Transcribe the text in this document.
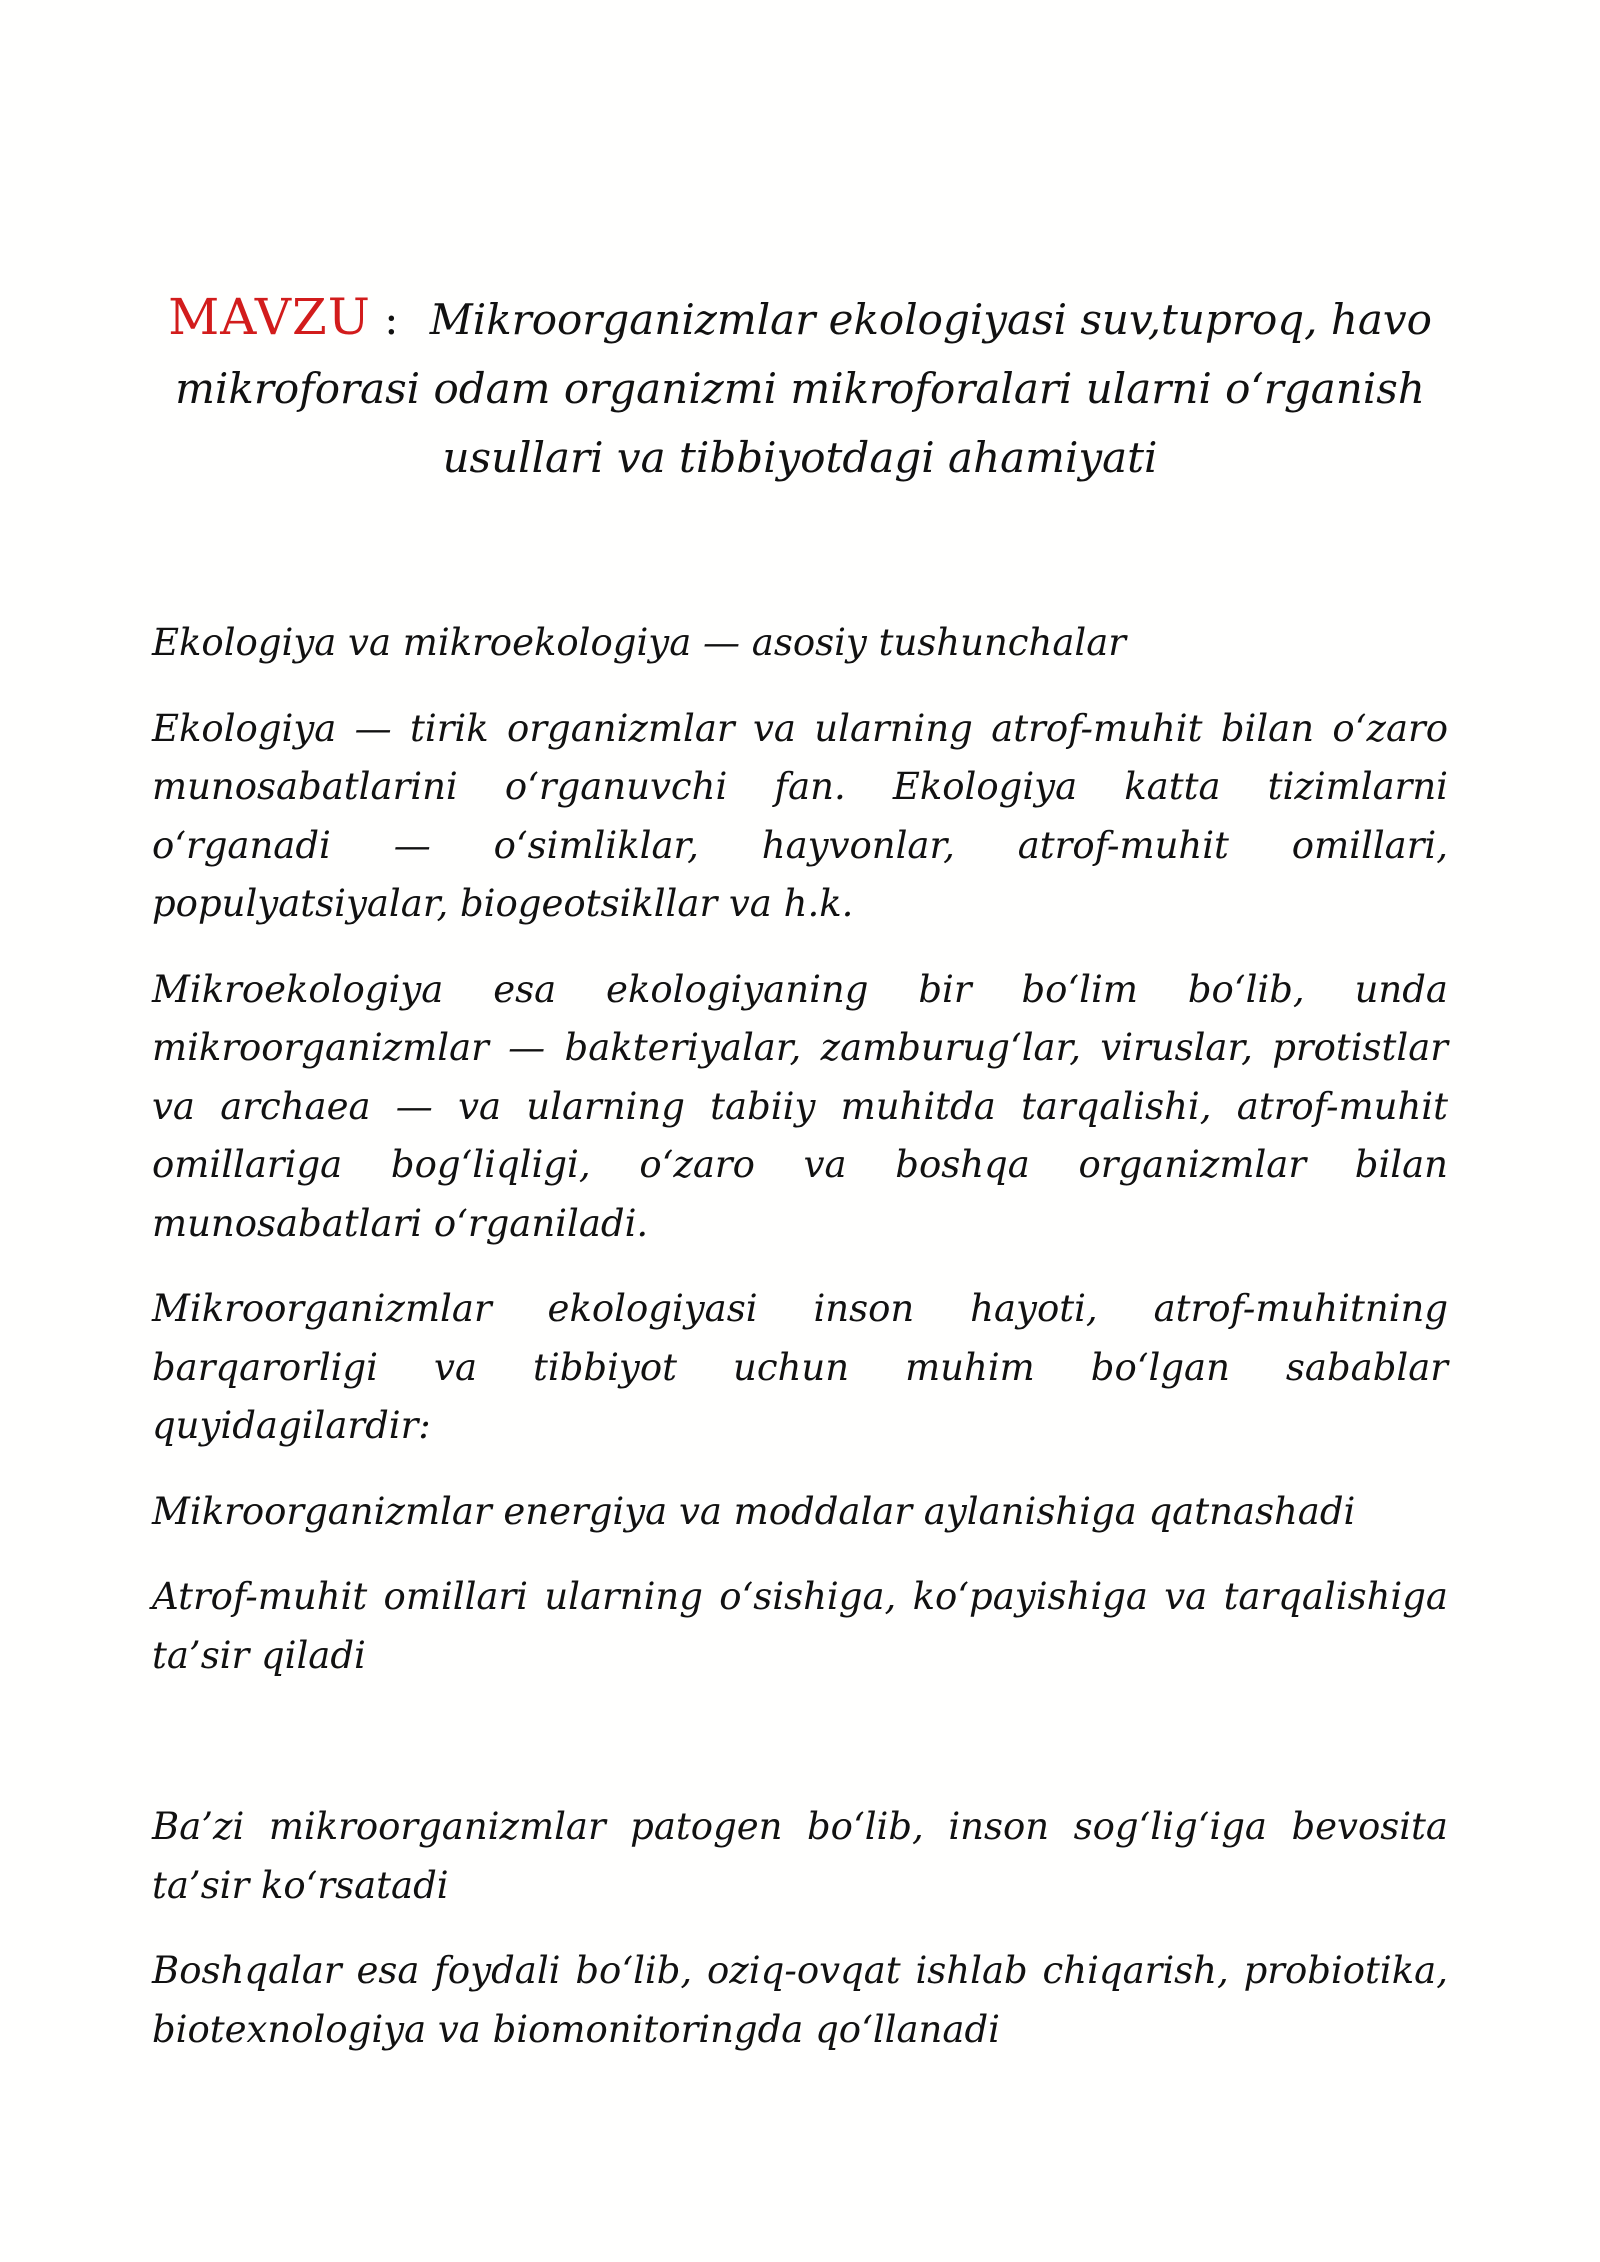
MAVZU : Mikroorganizmlar ekologiyasi suv,tuproq, havo mikroforasi odam organizmi mikroforalari ularni o‘rganish usullari va tibbiyotdagi ahamiyati

Ekologiya va mikroekologiya — asosiy tushunchalar

Ekologiya — tirik organizmlar va ularning atrof-muhit bilan o‘zaro munosabatlarini o‘rganuvchi fan. Ekologiya katta tizimlarni o‘rganadi — o‘simliklar, hayvonlar, atrof-muhit omillari, populyatsiyalar, biogeotsikllar va h.k.

Mikroekologiya esa ekologiyaning bir bo‘lim bo‘lib, unda mikroorganizmlar — bakteriyalar, zamburug‘lar, viruslar, protistlar va archaea — va ularning tabiiy muhitda tarqalishi, atrof-muhit omillariga bog‘liqligi, o‘zaro va boshqa organizmlar bilan munosabatlari o‘rganiladi.

Mikroorganizmlar ekologiyasi inson hayoti, atrof-muhitning barqarorligi va tibbiyot uchun muhim bo‘lgan sabablar quyidagilardir:

Mikroorganizmlar energiya va moddalar aylanishiga qatnashadi

Atrof-muhit omillari ularning o‘sishiga, ko‘payishiga va tarqalishiga ta’sir qiladi

Ba’zi mikroorganizmlar patogen bo‘lib, inson sog‘lig‘iga bevosita ta’sir ko‘rsatadi

Boshqalar esa foydali bo‘lib, oziq-ovqat ishlab chiqarish, probiotika, biotexnologiya va biomonitoringda qo‘llanadi
